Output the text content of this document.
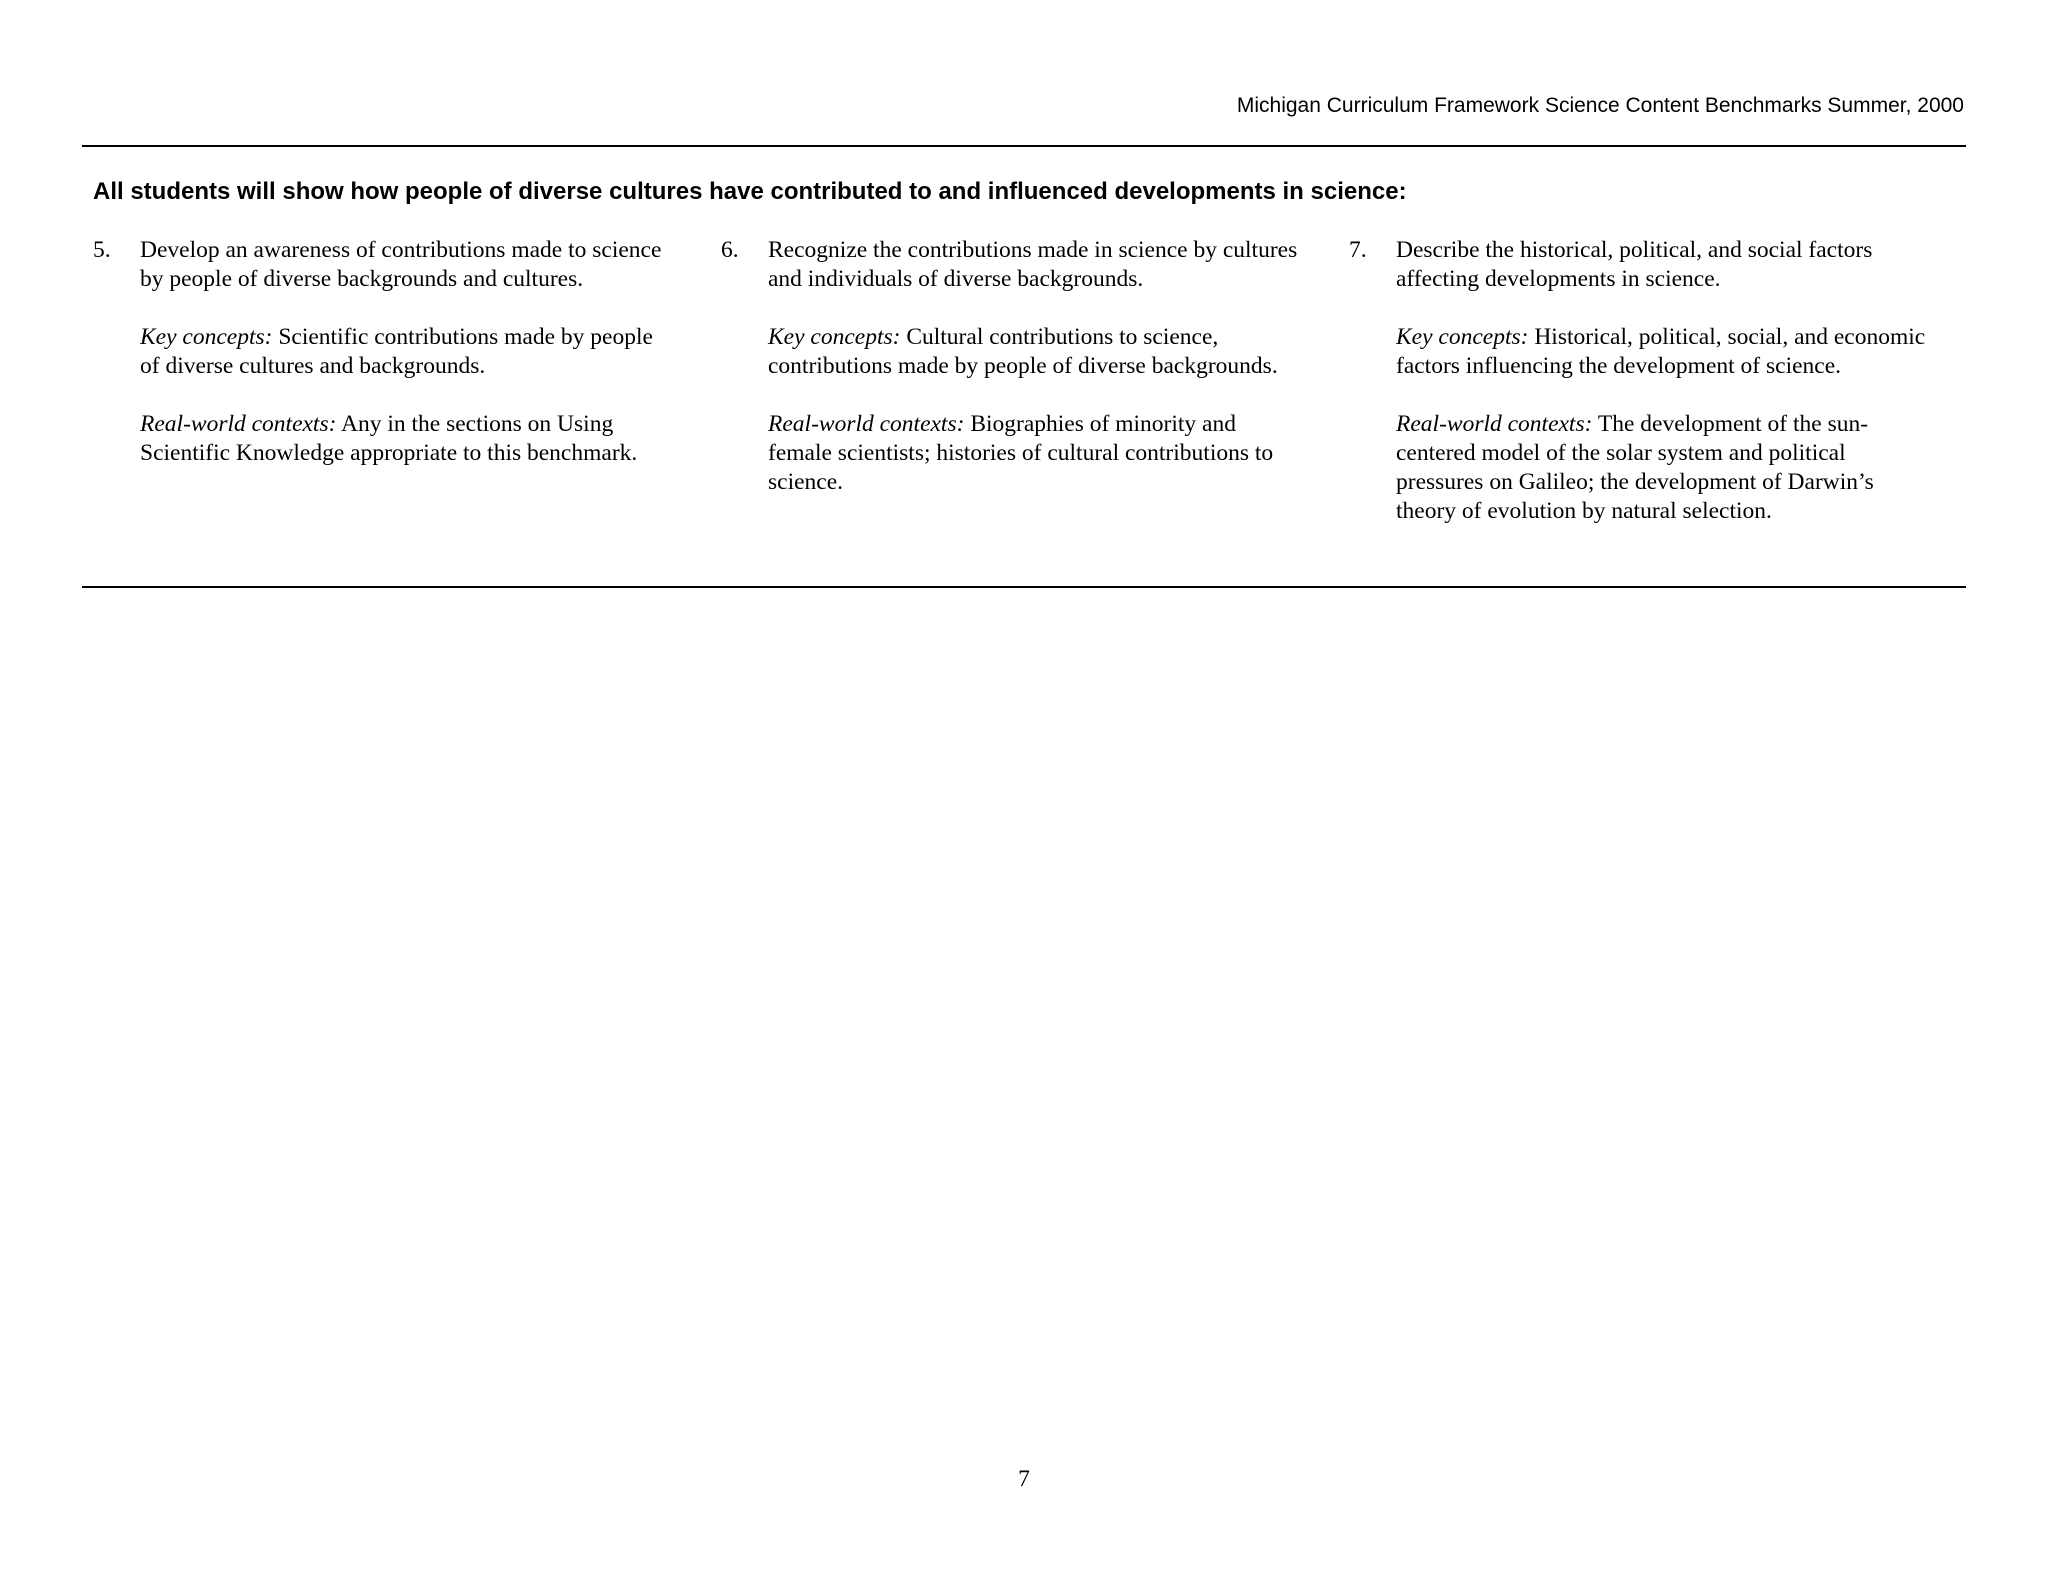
Michigan Curriculum Framework Science Content Benchmarks Summer, 2000
All students will show how people of diverse cultures have contributed to and influenced developments in science:
5. Develop an awareness of contributions made to science by people of diverse backgrounds and cultures.

Key concepts: Scientific contributions made by people of diverse cultures and backgrounds.

Real-world contexts: Any in the sections on Using Scientific Knowledge appropriate to this benchmark.

6. Recognize the contributions made in science by cultures and individuals of diverse backgrounds.

Key concepts: Cultural contributions to science, contributions made by people of diverse backgrounds.

Real-world contexts: Biographies of minority and female scientists; histories of cultural contributions to science.

7. Describe the historical, political, and social factors affecting developments in science.

Key concepts: Historical, political, social, and economic factors influencing the development of science.

Real-world contexts: The development of the sun-centered model of the solar system and political pressures on Galileo; the development of Darwin’s theory of evolution by natural selection.

7
